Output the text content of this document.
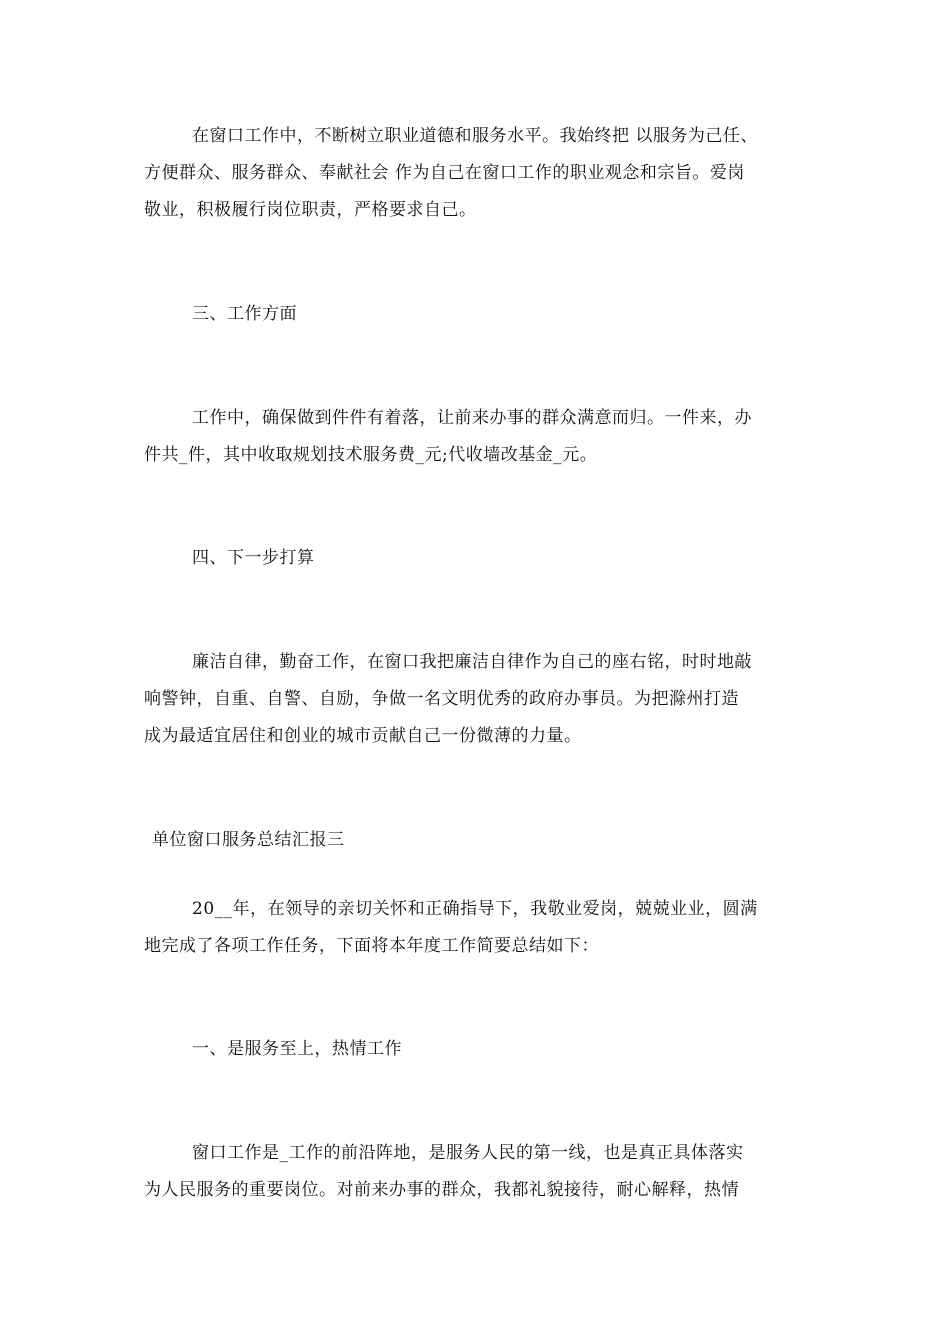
在窗口工作中，不断树立职业道德和服务水平。我始终把 以服务为己任、
方便群众、服务群众、奉献社会 作为自己在窗口工作的职业观念和宗旨。爱岗
敬业，积极履行岗位职责，严格要求自己。
三、工作方面
工作中，确保做到件件有着落，让前来办事的群众满意而归。一件来，办
件共_件，其中收取规划技术服务费_元;代收墙改基金_元。
四、下一步打算
廉洁自律，勤奋工作，在窗口我把廉洁自律作为自己的座右铭，时时地敲
响警钟，自重、自警、自励，争做一名文明优秀的政府办事员。为把滁州打造
成为最适宜居住和创业的城市贡献自己一份微薄的力量。
单位窗口服务总结汇报三
20__年，在领导的亲切关怀和正确指导下，我敬业爱岗，兢兢业业，圆满
地完成了各项工作任务，下面将本年度工作简要总结如下：
一、是服务至上，热情工作
窗口工作是_工作的前沿阵地，是服务人民的第一线，也是真正具体落实
为人民服务的重要岗位。对前来办事的群众，我都礼貌接待，耐心解释，热情
